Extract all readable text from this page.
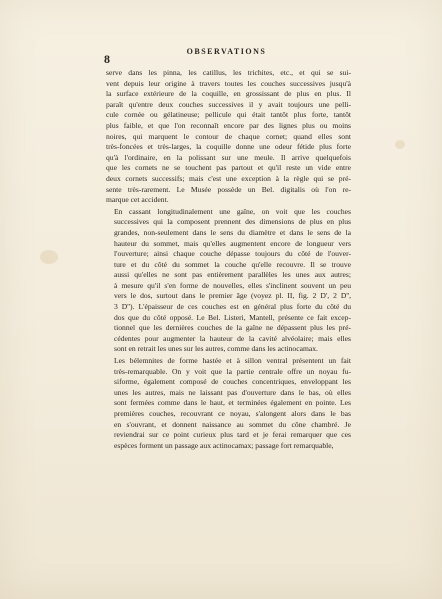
8
OBSERVATIONS

serve dans les pinna, les catillus, les trichites, etc., et qui se sui-
vent depuis leur origine à travers toutes les couches successives jusqu'à
la surface extérieure de la coquille, en grossissant de plus en plus. Il
paraît qu'entre deux couches successives il y avait toujours une pelli-
cule cornée ou gélatineuse; pellicule qui était tantôt plus forte, tantôt
plus faible, et que l'on reconnaît encore par des lignes plus ou moins
noires, qui marquent le contour de chaque cornet; quand elles sont
très-foncées et très-larges, la coquille donne une odeur fétide plus forte
qu'à l'ordinaire, en la polissant sur une meule. Il arrive quelquefois
que les cornets ne se touchent pas partout et qu'il reste un vide entre
deux cornets successifs; mais c'est une exception à la règle qui se pré-
sente très-rarement. Le Musée possède un Bel. digitalis où l'on re-
marque cet accident.

En cassant longitudinalement une gaîne, on voit que les couches
successives qui la composent prennent des dimensions de plus en plus
grandes, non-seulement dans le sens du diamètre et dans le sens de la
hauteur du sommet, mais qu'elles augmentent encore de longueur vers
l'ouverture; ainsi chaque couche dépasse toujours du côté de l'ouver-
ture et du côté du sommet la couche qu'elle recouvre. Il se trouve
aussi qu'elles ne sont pas entièrement parallèles les unes aux autres;
à mesure qu'il s'en forme de nouvelles, elles s'inclinent souvent un peu
vers le dos, surtout dans le premier âge (voyez pl. II, fig. 2 D', 2 D'',
3 D''). L'épaisseur de ces couches est en général plus forte du côté du
dos que du côté opposé. Le Bel. Listeri, Mantell, présente ce fait excep-
tionnel que les dernières couches de la gaîne ne dépassent plus les pré-
cédentes pour augmenter la hauteur de la cavité alvéolaire; mais elles
sont en retrait les unes sur les autres, comme dans les actinocamax.

Les bélemnites de forme hastée et à sillon ventral présentent un fait
très-remarquable. On y voit que la partie centrale offre un noyau fu-
siforme, également composé de couches concentriques, enveloppant les
unes les autres, mais ne laissant pas d'ouverture dans le bas, où elles
sont fermées comme dans le haut, et terminées également en pointe. Les
premières couches, recouvrant ce noyau, s'alongent alors dans le bas
en s'ouvrant, et donnent naissance au sommet du cône chambré. Je
reviendrai sur ce point curieux plus tard et je ferai remarquer que ces
espèces forment un passage aux actinocamax; passage fort remarquable,
